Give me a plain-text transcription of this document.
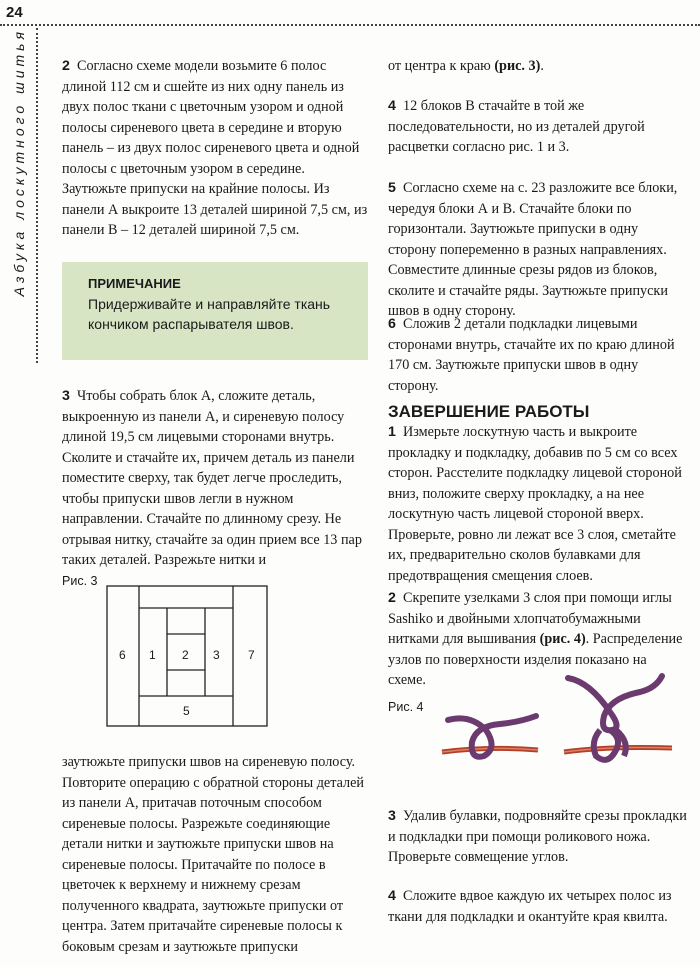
24
Азбука лоскутного шитья 2 Согласно схеме модели возьмите 6 полос длиной 112 см и сшейте из них одну панель из двух полос ткани с цветочным узором и одной полосы сиреневого цвета в середине и вторую панель – из двух полос сиреневого цвета и одной полосы с цветочным узором в середине. Заутюжьте припуски на крайние полосы. Из панели А выкроите 13 деталей шириной 7,5 см, из панели В – 12 деталей шириной 7,5 см.

ПРИМЕЧАНИЕ
Придерживайте и направляйте ткань кончиком распарывателя швов.

3 Чтобы собрать блок А, сложите деталь, выкроенную из панели А, и сиреневую полосу длиной 19,5 см лицевыми сторонами внутрь. Сколите и стачайте их, причем деталь из панели поместите сверху, так будет легче проследить, чтобы припуски швов легли в нужном направлении. Стачайте по длинному срезу. Не отрывая нитку, стачайте за один прием все 13 пар таких деталей. Разрежьте нитки и

Рис. 3
6 1 2 3 7
5

заутюжьте припуски швов на сиреневую полосу. Повторите операцию с обратной стороны деталей из панели А, притачав поточным способом сиреневые полосы. Разрежьте соединяющие детали нитки и заутюжьте припуски швов на сиреневые полосы. Притачайте по полосе в цветочек к верхнему и нижнему срезам полученного квадрата, заутюжьте припуски от центра. Затем притачайте сиреневые полосы к боковым срезам и заутюжьте припуски

от центра к краю (рис. 3).

4 12 блоков В стачайте в той же последовательности, но из деталей другой расцветки согласно рис. 1 и 3.

5 Согласно схеме на с. 23 разложите все блоки, чередуя блоки А и В. Стачайте блоки по горизонтали. Заутюжьте припуски в одну сторону попеременно в разных направлениях. Совместите длинные срезы рядов из блоков, сколите и стачайте ряды. Заутюжьте припуски швов в одну сторону.

6 Сложив 2 детали подкладки лицевыми сторонами внутрь, стачайте их по краю длиной 170 см. Заутюжьте припуски швов в одну сторону.

ЗАВЕРШЕНИЕ РАБОТЫ

1 Измерьте лоскутную часть и выкроите прокладку и подкладку, добавив по 5 см со всех сторон. Расстелите подкладку лицевой стороной вниз, положите сверху прокладку, а на нее лоскутную часть лицевой стороной вверх. Проверьте, ровно ли лежат все 3 слоя, сметайте их, предварительно сколов булавками для предотвращения смещения слоев.

2 Скрепите узелками 3 слоя при помощи иглы Sashiko и двойными хлопчатобумажными нитками для вышивания (рис. 4). Распределение узлов по поверхности изделия показано на схеме.

Рис. 4

3 Удалив булавки, подровняйте срезы прокладки и подкладки при помощи роликового ножа. Проверьте совмещение углов.

4 Сложите вдвое каждую их четырех полос из ткани для подкладки и окантуйте края квилта.
